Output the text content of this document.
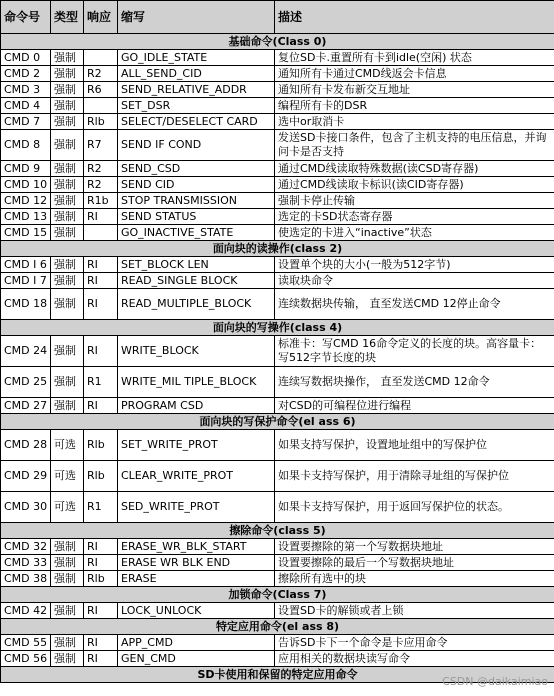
命令号	类型	响应	缩写	描述
基础命令(Class 0)				
CMD 0	强制		GO_IDLE_STATE	复位SD卡.重置所有卡到idle(空闲) 状态
CMD 2	强制	R2	ALL_SEND_CID	通知所有卡通过CMD线返会卡信息
CMD 3	强制	R6	SEND_RELATIVE_ADDR	通知所有卡发布新交互地址
CMD 4	强制		SET_DSR	编程所有卡的DSR
CMD 7	强制	Rlb	SELECT/DESELECT CARD	选中or取消卡
CMD 8	强制	R7	SEND IF COND	发送SD卡接口条件，包含了主机支持的电压信息，并询问卡是否支持
CMD 9	强制	R2	SEND_CSD	通过CMD线读取特殊数据(读CSD寄存器)
CMD 10	强制	R2	SEND CID	通过CMD线读取卡标识(读CID寄存器)
CMD 12	强制	R1b	STOP TRANSMISSION	强制卡停止传输
CMD 13	强制	RI	SEND STATUS	选定的卡SD状态寄存器
CMD 15	强制		GO_INACTIVE_STATE	使选定的卡进入“inactive”状态
面向块的读操作(class 2)				
CMD I 6	强制	RI	SET_BLOCK LEN	设置单个块的大小(一般为512字节)
CMD I 7	强制	RI	READ_SINGLE BLOCK	读取块命令
CMD 18	强制	RI	READ_MULTIPLE_BLOCK	连续数据块传输， 直至发送CMD 12停止命令
面向块的写操作(class 4)				
CMD 24	强制	RI	WRITE_BLOCK	标准卡：写CMD 16命令定义的长度的块。高容量卡：写512字节长度的块
CMD 25	强制	R1	WRITE_MIL TIPLE_BLOCK	连续写数据块操作， 直至发送CMD 12命令
CMD 27	强制	RI	PROGRAM CSD	对CSD的可编程位进行编程
面向块的写保护命令(el ass 6)				
CMD 28	可选	Rlb	SET_WRITE_PROT	如果支持写保护，设置地址组中的写保护位
CMD 29	可选	Rlb	CLEAR_WRITE_PROT	如果卡支持写保护，用于清除寻址组的写保护位
CMD 30	可选	R1	SED_WRITE_PROT	如果卡支持写保护，用于返回写保护位的状态。
擦除命令(class 5)				
CMD 32	强制	RI	ERASE_WR_BLK_START	设置要擦除的第一个写数据块地址
CMD 33	强制	RI	ERASE WR BLK END	设置要擦除的最后一个写数据块地址
CMD 38	强制	Rlb	ERASE	擦除所有选中的块
加锁命令(Class 7)				
CMD 42	强制	RI	LOCK_UNLOCK	设置SD卡的解锁或者上锁
特定应用命令(el ass 8)				
CMD 55	强制	RI	APP_CMD	告诉SD卡下一个命令是卡应用命令
CMD 56	强制	RI	GEN_CMD	应用相关的数据块读写命令
SD卡使用和保留的特定应用命令				
CSDN @daikaimiao
